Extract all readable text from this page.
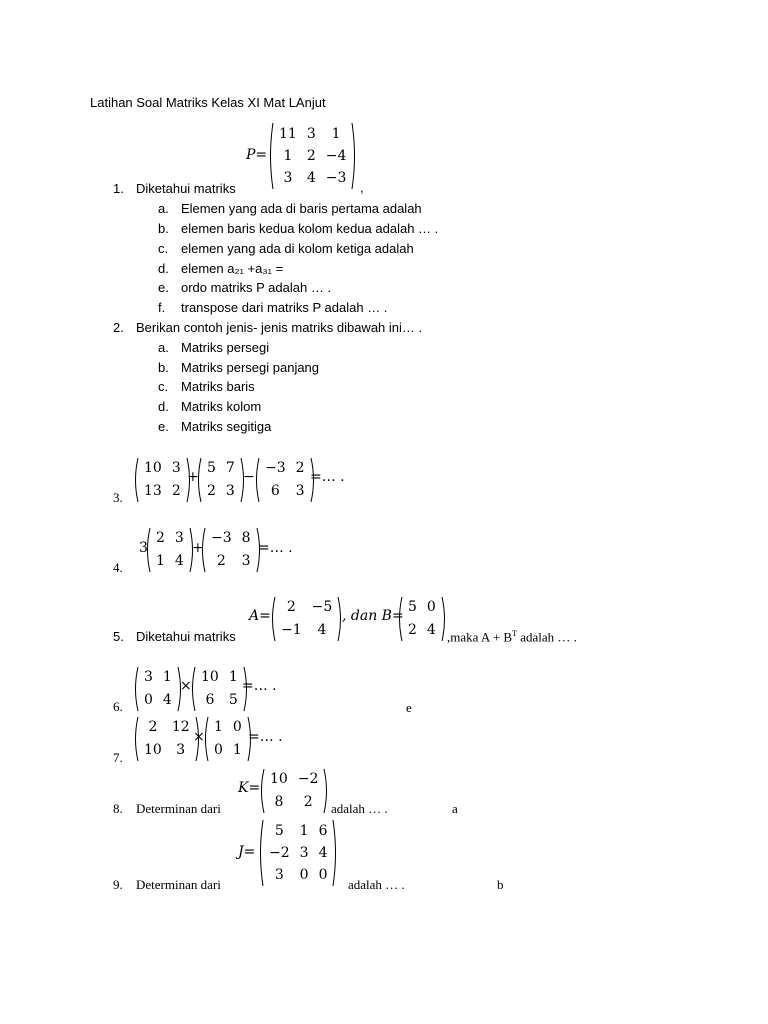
Latihan Soal Matriks Kelas XI Mat LAnjut
1. Diketahui matriks
P=
11	3	1
1	2	−4
3	4	−3
,
a. Elemen yang ada di baris pertama adalah
b. elemen baris kedua kolom kedua adalah … .
c. elemen yang ada di kolom ketiga adalah
d. elemen a₂₁ +a₃₁ =
e. ordo matriks P adalah … .
f. transpose dari matriks P adalah … .
2. Berikan contoh jenis- jenis matriks dibawah ini… .
a. Matriks persegi
b. Matriks persegi panjang
c. Matriks baris
d. Matriks kolom
e. Matriks segitiga
3.
10	3
13	2
+
5	7
2	3
−
−3	2
6	3
=… .
4.
3
2	3
1	4
+
−3	8
2	3
=… .
5. Diketahui matriks
A=
2	−5
−1	4
, dan B=
5	0
2	4 ,maka $A + B^T$ adalah … .
6.
3	1
0	4
×
10	1
6	5
=… .
e
7.
2	12
10	3
×
1	0
0	1
=… .
8. Determinan dari
K=
10	−2
8	2 adalah … .	a
9. Determinan dari
J=
5	1	6
−2	3	4
3	0	0
adalah … .	b
